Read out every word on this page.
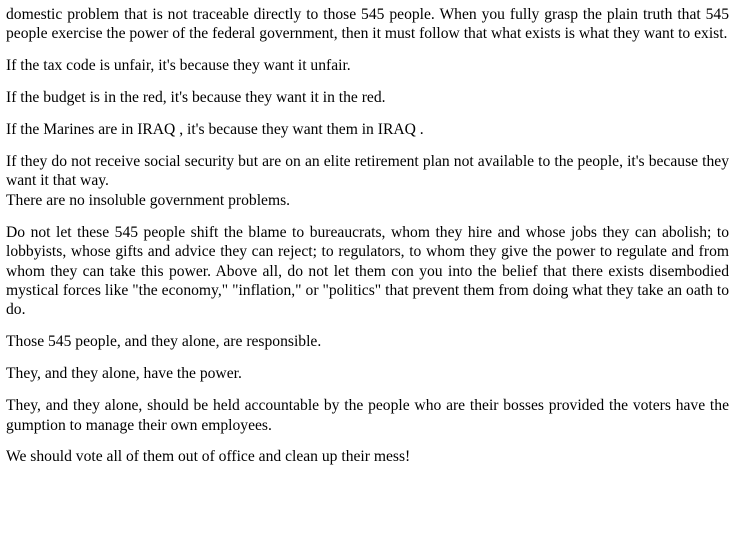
domestic problem that is not traceable directly to those 545 people. When you fully grasp the plain truth that 545 people exercise the power of the federal government, then it must follow that what exists is what they want to exist.

If the tax code is unfair, it's because they want it unfair.

If the budget is in the red, it's because they want it in the red.

If the Marines are in IRAQ , it's because they want them in IRAQ .

If they do not receive social security but are on an elite retirement plan not available to the people, it's because they want it that way.
There are no insoluble government problems.

Do not let these 545 people shift the blame to bureaucrats, whom they hire and whose jobs they can abolish; to lobbyists, whose gifts and advice they can reject; to regulators, to whom they give the power to regulate and from whom they can take this power. Above all, do not let them con you into the belief that there exists disembodied mystical forces like "the economy," "inflation," or "politics" that prevent them from doing what they take an oath to do.

Those 545 people, and they alone, are responsible.

They, and they alone, have the power.

They, and they alone, should be held accountable by the people who are their bosses provided the voters have the gumption to manage their own employees.

We should vote all of them out of office and clean up their mess!
